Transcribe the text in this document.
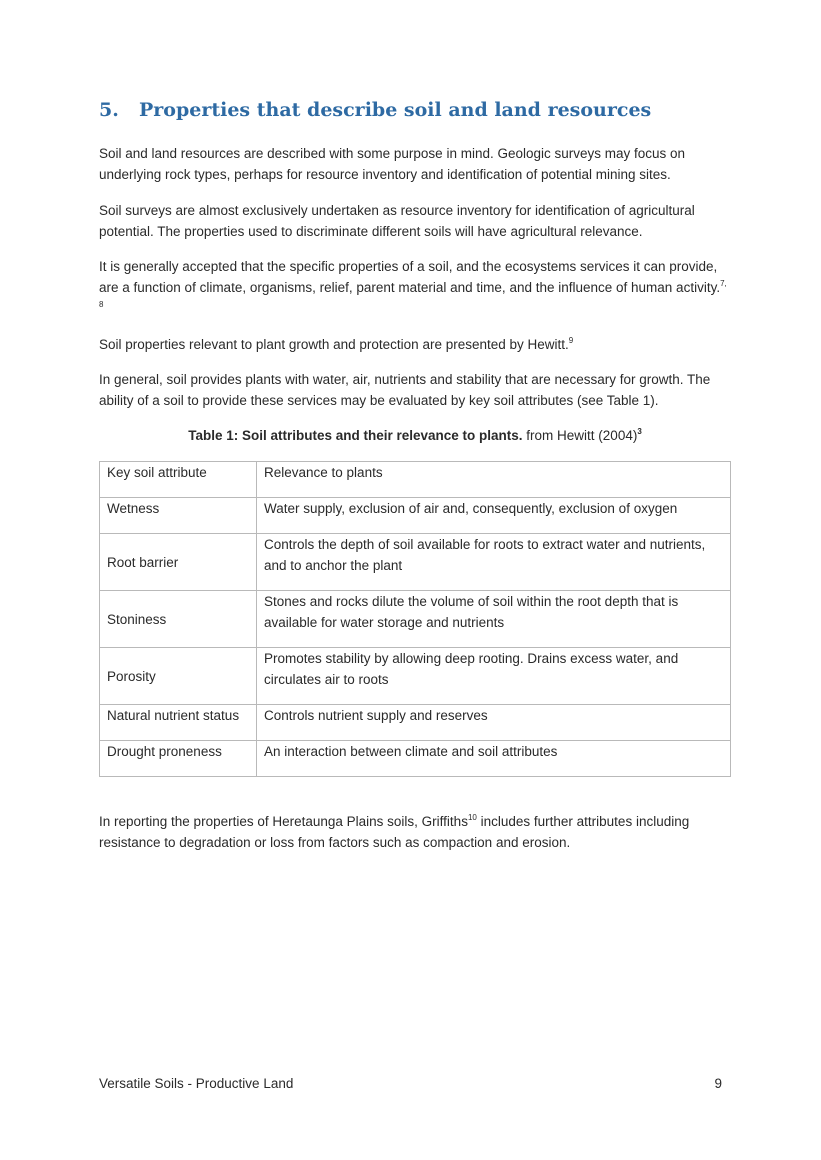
5. Properties that describe soil and land resources

Soil and land resources are described with some purpose in mind. Geologic surveys may focus on underlying rock types, perhaps for resource inventory and identification of potential mining sites.

Soil surveys are almost exclusively undertaken as resource inventory for identification of agricultural potential. The properties used to discriminate different soils will have agricultural relevance.

It is generally accepted that the specific properties of a soil, and the ecosystems services it can provide, are a function of climate, organisms, relief, parent material and time, and the influence of human activity.$^{7, 8}$

Soil properties relevant to plant growth and protection are presented by Hewitt.$^9$

In general, soil provides plants with water, air, nutrients and stability that are necessary for growth. The ability of a soil to provide these services may be evaluated by key soil attributes (see Table 1).

Table 1: Soil attributes and their relevance to plants. from Hewitt $(2004)^3$

Key soil attribute	Relevance to plants
Wetness	Water supply, exclusion of air and, consequently, exclusion of oxygen
Root barrier	Controls the depth of soil available for roots to extract water and nutrients, and to anchor the plant
Stoniness	Stones and rocks dilute the volume of soil within the root depth that is available for water storage and nutrients
Porosity	Promotes stability by allowing deep rooting. Drains excess water, and circulates air to roots
Natural nutrient status	Controls nutrient supply and reserves
Drought proneness	An interaction between climate and soil attributes

In reporting the properties of Heretaunga Plains soils, Griffiths$^{10}$ includes further attributes including resistance to degradation or loss from factors such as compaction and erosion.

Versatile Soils - Productive Land	9
